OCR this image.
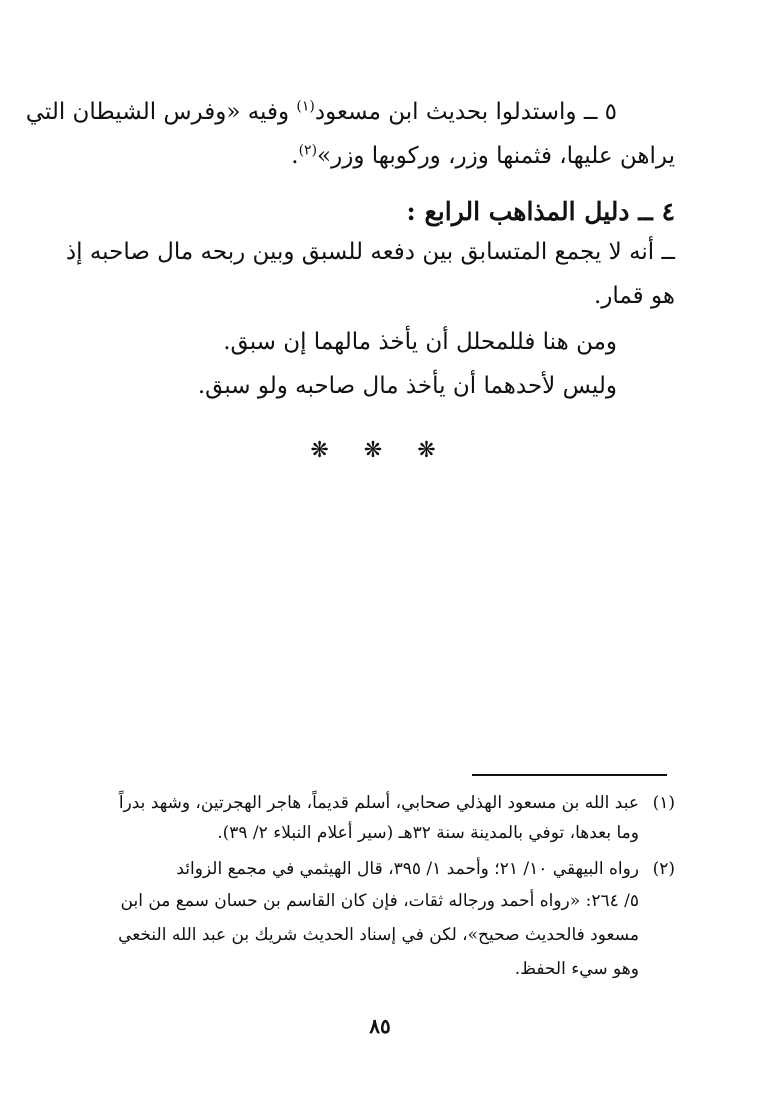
٥ ــ واستدلوا بحديث ابن مسعود$^{(١)}$ وفيه «وفرس الشيطان التي
يراهن عليها، فثمنها وزر، وركوبها وزر»$^{(٢)}$.
٤ ــ دليل المذاهب الرابع :
ــ أنه لا يجمع المتسابق بين دفعه للسبق وبين ربحه مال صاحبه إذ
هو قمار.
ومن هنا فللمحلل أن يأخذ مالهما إن سبق.
وليس لأحدهما أن يأخذ مال صاحبه ولو سبق.
❋ ❋ ❋
(١)عبد الله بن مسعود الهذلي صحابي، أسلم قديماً، هاجر الهجرتين، وشهد بدراً
وما بعدها، توفي بالمدينة سنة ٣٢هـ (سير أعلام النبلاء ٢/ ٣٩).
(٢)رواه البيهقي ١٠/ ٢١؛ وأحمد ١/ ٣٩٥، قال الهيثمي في مجمع الزوائد
٥/ ٢٦٤: «رواه أحمد ورجاله ثقات، فإن كان القاسم بن حسان سمع من ابن
مسعود فالحديث صحيح»، لكن في إسناد الحديث شريك بن عبد الله النخعي
وهو سيء الحفظ.
٨٥
